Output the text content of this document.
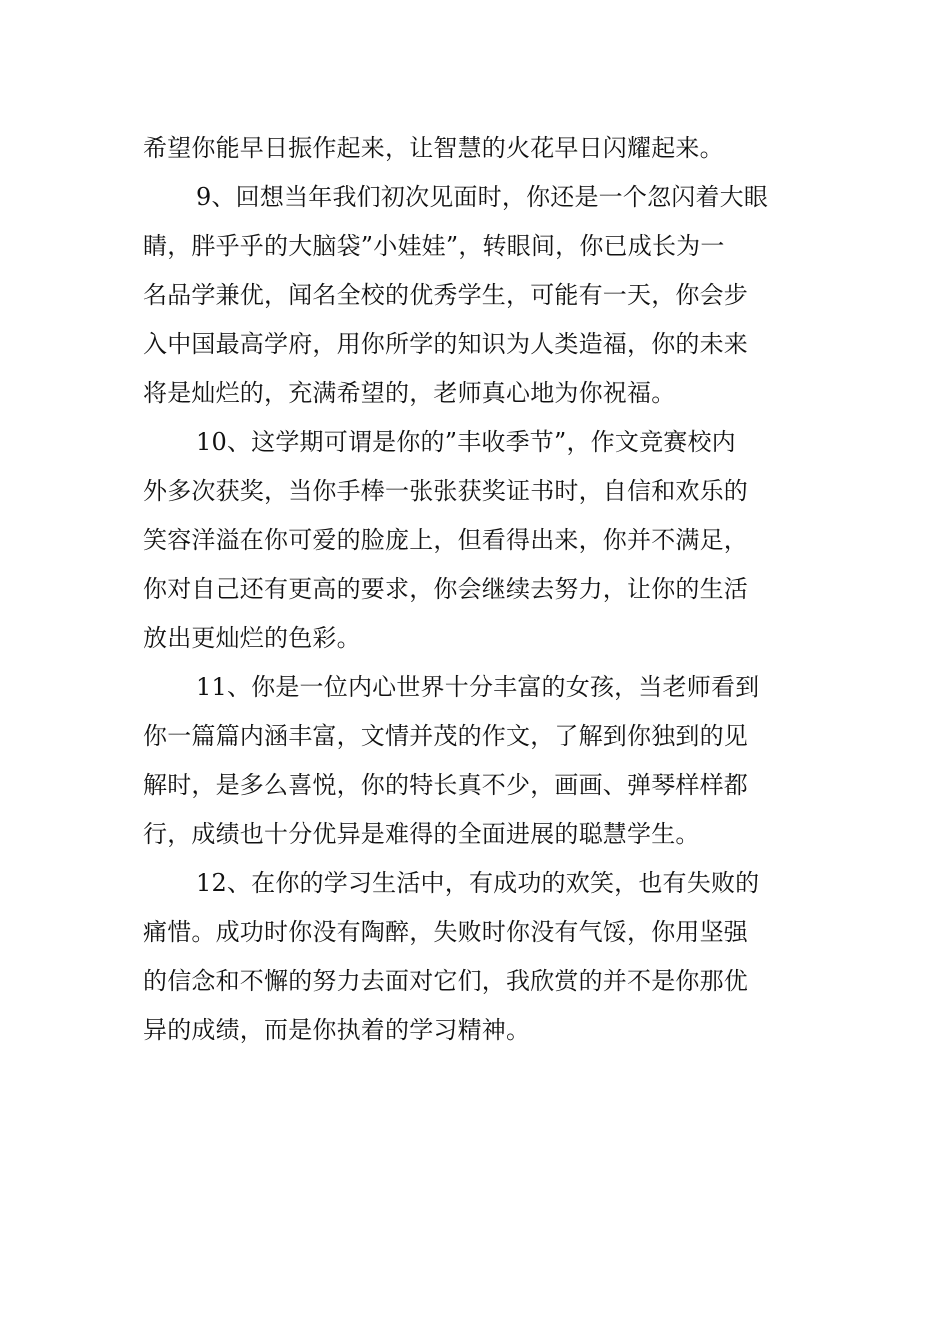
希望你能早日振作起来，让智慧的火花早日闪耀起来。
9、回想当年我们初次见面时，你还是一个忽闪着大眼
睛，胖乎乎的大脑袋”小娃娃”，转眼间，你已成长为一
名品学兼优，闻名全校的优秀学生，可能有一天，你会步
入中国最高学府，用你所学的知识为人类造福，你的未来
将是灿烂的，充满希望的，老师真心地为你祝福。
10、这学期可谓是你的”丰收季节”，作文竞赛校内
外多次获奖，当你手棒一张张获奖证书时，自信和欢乐的
笑容洋溢在你可爱的脸庞上，但看得出来，你并不满足，
你对自己还有更高的要求，你会继续去努力，让你的生活
放出更灿烂的色彩。
11、你是一位内心世界十分丰富的女孩，当老师看到
你一篇篇内涵丰富，文情并茂的作文，了解到你独到的见
解时，是多么喜悦，你的特长真不少，画画、弹琴样样都
行，成绩也十分优异是难得的全面进展的聪慧学生。
12、在你的学习生活中，有成功的欢笑，也有失败的
痛惜。成功时你没有陶醉，失败时你没有气馁，你用坚强
的信念和不懈的努力去面对它们，我欣赏的并不是你那优
异的成绩，而是你执着的学习精神。
